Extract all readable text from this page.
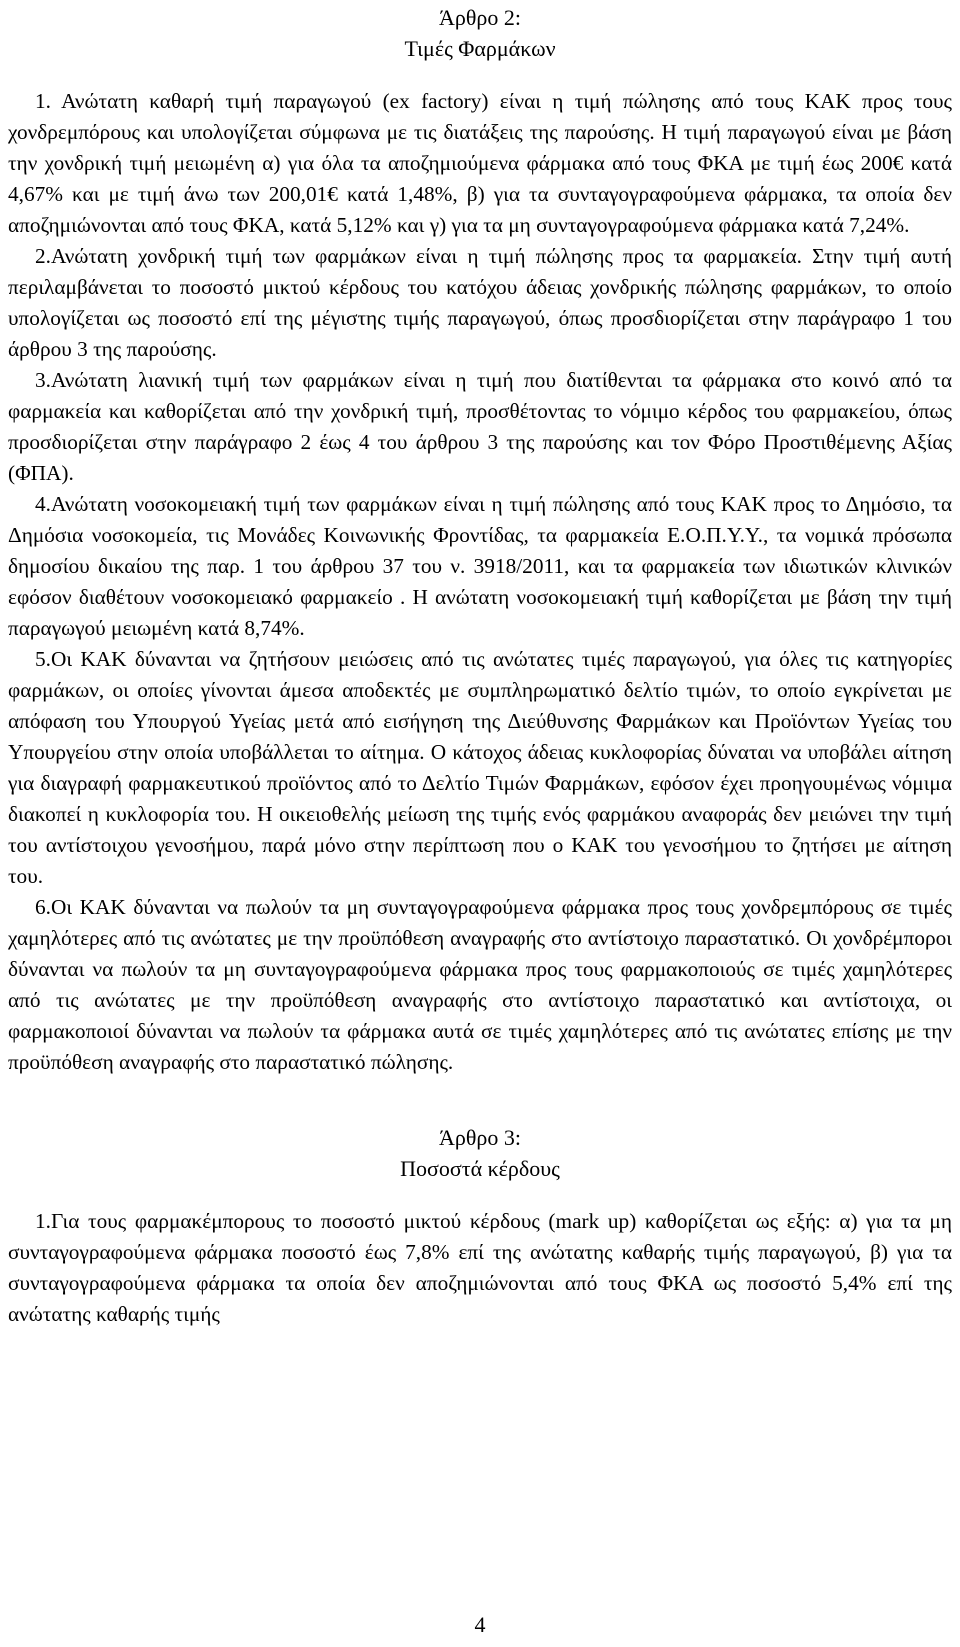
Άρθρο 2:
Τιμές Φαρμάκων

1. Ανώτατη καθαρή τιμή παραγωγού (ex factory) είναι η τιμή πώλησης από τους ΚΑΚ προς τους χονδρεμπόρους και υπολογίζεται σύμφωνα με τις διατάξεις της παρούσης. Η τιμή παραγωγού είναι με βάση την χονδρική τιμή μειωμένη α) για όλα τα αποζημιούμενα φάρμακα από τους ΦΚΑ με τιμή έως 200€ κατά 4,67% και με τιμή άνω των 200,01€ κατά 1,48%, β) για τα συνταγογραφούμενα φάρμακα, τα οποία δεν αποζημιώνονται από τους ΦΚΑ, κατά 5,12% και γ) για τα μη συνταγογραφούμενα φάρμακα κατά 7,24%.

2.Ανώτατη χονδρική τιμή των φαρμάκων είναι η τιμή πώλησης προς τα φαρμακεία. Στην τιμή αυτή περιλαμβάνεται το ποσοστό μικτού κέρδους του κατόχου άδειας χονδρικής πώλησης φαρμάκων, το οποίο υπολογίζεται ως ποσοστό επί της μέγιστης τιμής παραγωγού, όπως προσδιορίζεται στην παράγραφο 1 του άρθρου 3 της παρούσης.

3.Ανώτατη λιανική τιμή των φαρμάκων είναι η τιμή που διατίθενται τα φάρμακα στο κοινό από τα φαρμακεία και καθορίζεται από την χονδρική τιμή, προσθέτοντας το νόμιμο κέρδος του φαρμακείου, όπως προσδιορίζεται στην παράγραφο 2 έως 4 του άρθρου 3 της παρούσης και τον Φόρο Προστιθέμενης Αξίας (ΦΠΑ).

4.Ανώτατη νοσοκομειακή τιμή των φαρμάκων είναι η τιμή πώλησης από τους ΚΑΚ προς το Δημόσιο, τα Δημόσια νοσοκομεία, τις Μονάδες Κοινωνικής Φροντίδας, τα φαρμακεία Ε.Ο.Π.Υ.Υ., τα νομικά πρόσωπα δημοσίου δικαίου της παρ. 1 του άρθρου 37 του ν. 3918/2011, και τα φαρμακεία των ιδιωτικών κλινικών εφόσον διαθέτουν νοσοκομειακό φαρμακείο . Η ανώτατη νοσοκομειακή τιμή καθορίζεται με βάση την τιμή παραγωγού μειωμένη κατά 8,74%.

5.Οι ΚΑΚ δύνανται να ζητήσουν μειώσεις από τις ανώτατες τιμές παραγωγού, για όλες τις κατηγορίες φαρμάκων, οι οποίες γίνονται άμεσα αποδεκτές με συμπληρωματικό δελτίο τιμών, το οποίο εγκρίνεται με απόφαση του Υπουργού Υγείας μετά από εισήγηση της Διεύθυνσης Φαρμάκων και Προϊόντων Υγείας του Υπουργείου στην οποία υποβάλλεται το αίτημα. Ο κάτοχος άδειας κυκλοφορίας δύναται να υποβάλει αίτηση για διαγραφή φαρμακευτικού προϊόντος από το Δελτίο Τιμών Φαρμάκων, εφόσον έχει προηγουμένως νόμιμα διακοπεί η κυκλοφορία του. Η οικειοθελής μείωση της τιμής ενός φαρμάκου αναφοράς δεν μειώνει την τιμή του αντίστοιχου γενοσήμου, παρά μόνο στην περίπτωση που ο ΚΑΚ του γενοσήμου το ζητήσει με αίτηση του.

6.Οι ΚΑΚ δύνανται να πωλούν τα μη συνταγογραφούμενα φάρμακα προς τους χονδρεμπόρους σε τιμές χαμηλότερες από τις ανώτατες με την προϋπόθεση αναγραφής στο αντίστοιχο παραστατικό. Οι χονδρέμποροι δύνανται να πωλούν τα μη συνταγογραφούμενα φάρμακα προς τους φαρμακοποιούς σε τιμές χαμηλότερες από τις ανώτατες με την προϋπόθεση αναγραφής στο αντίστοιχο παραστατικό και αντίστοιχα, οι φαρμακοποιοί δύνανται να πωλούν τα φάρμακα αυτά σε τιμές χαμηλότερες από τις ανώτατες επίσης με την προϋπόθεση αναγραφής στο παραστατικό πώλησης.

Άρθρο 3:
Ποσοστά κέρδους

1.Για τους φαρμακέμπορους το ποσοστό μικτού κέρδους (mark up) καθορίζεται ως εξής: α) για τα μη συνταγογραφούμενα φάρμακα ποσοστό έως 7,8% επί της ανώτατης καθαρής τιμής παραγωγού, β) για τα συνταγογραφούμενα φάρμακα τα οποία δεν αποζημιώνονται από τους ΦΚΑ ως ποσοστό 5,4% επί της ανώτατης καθαρής τιμής

4
